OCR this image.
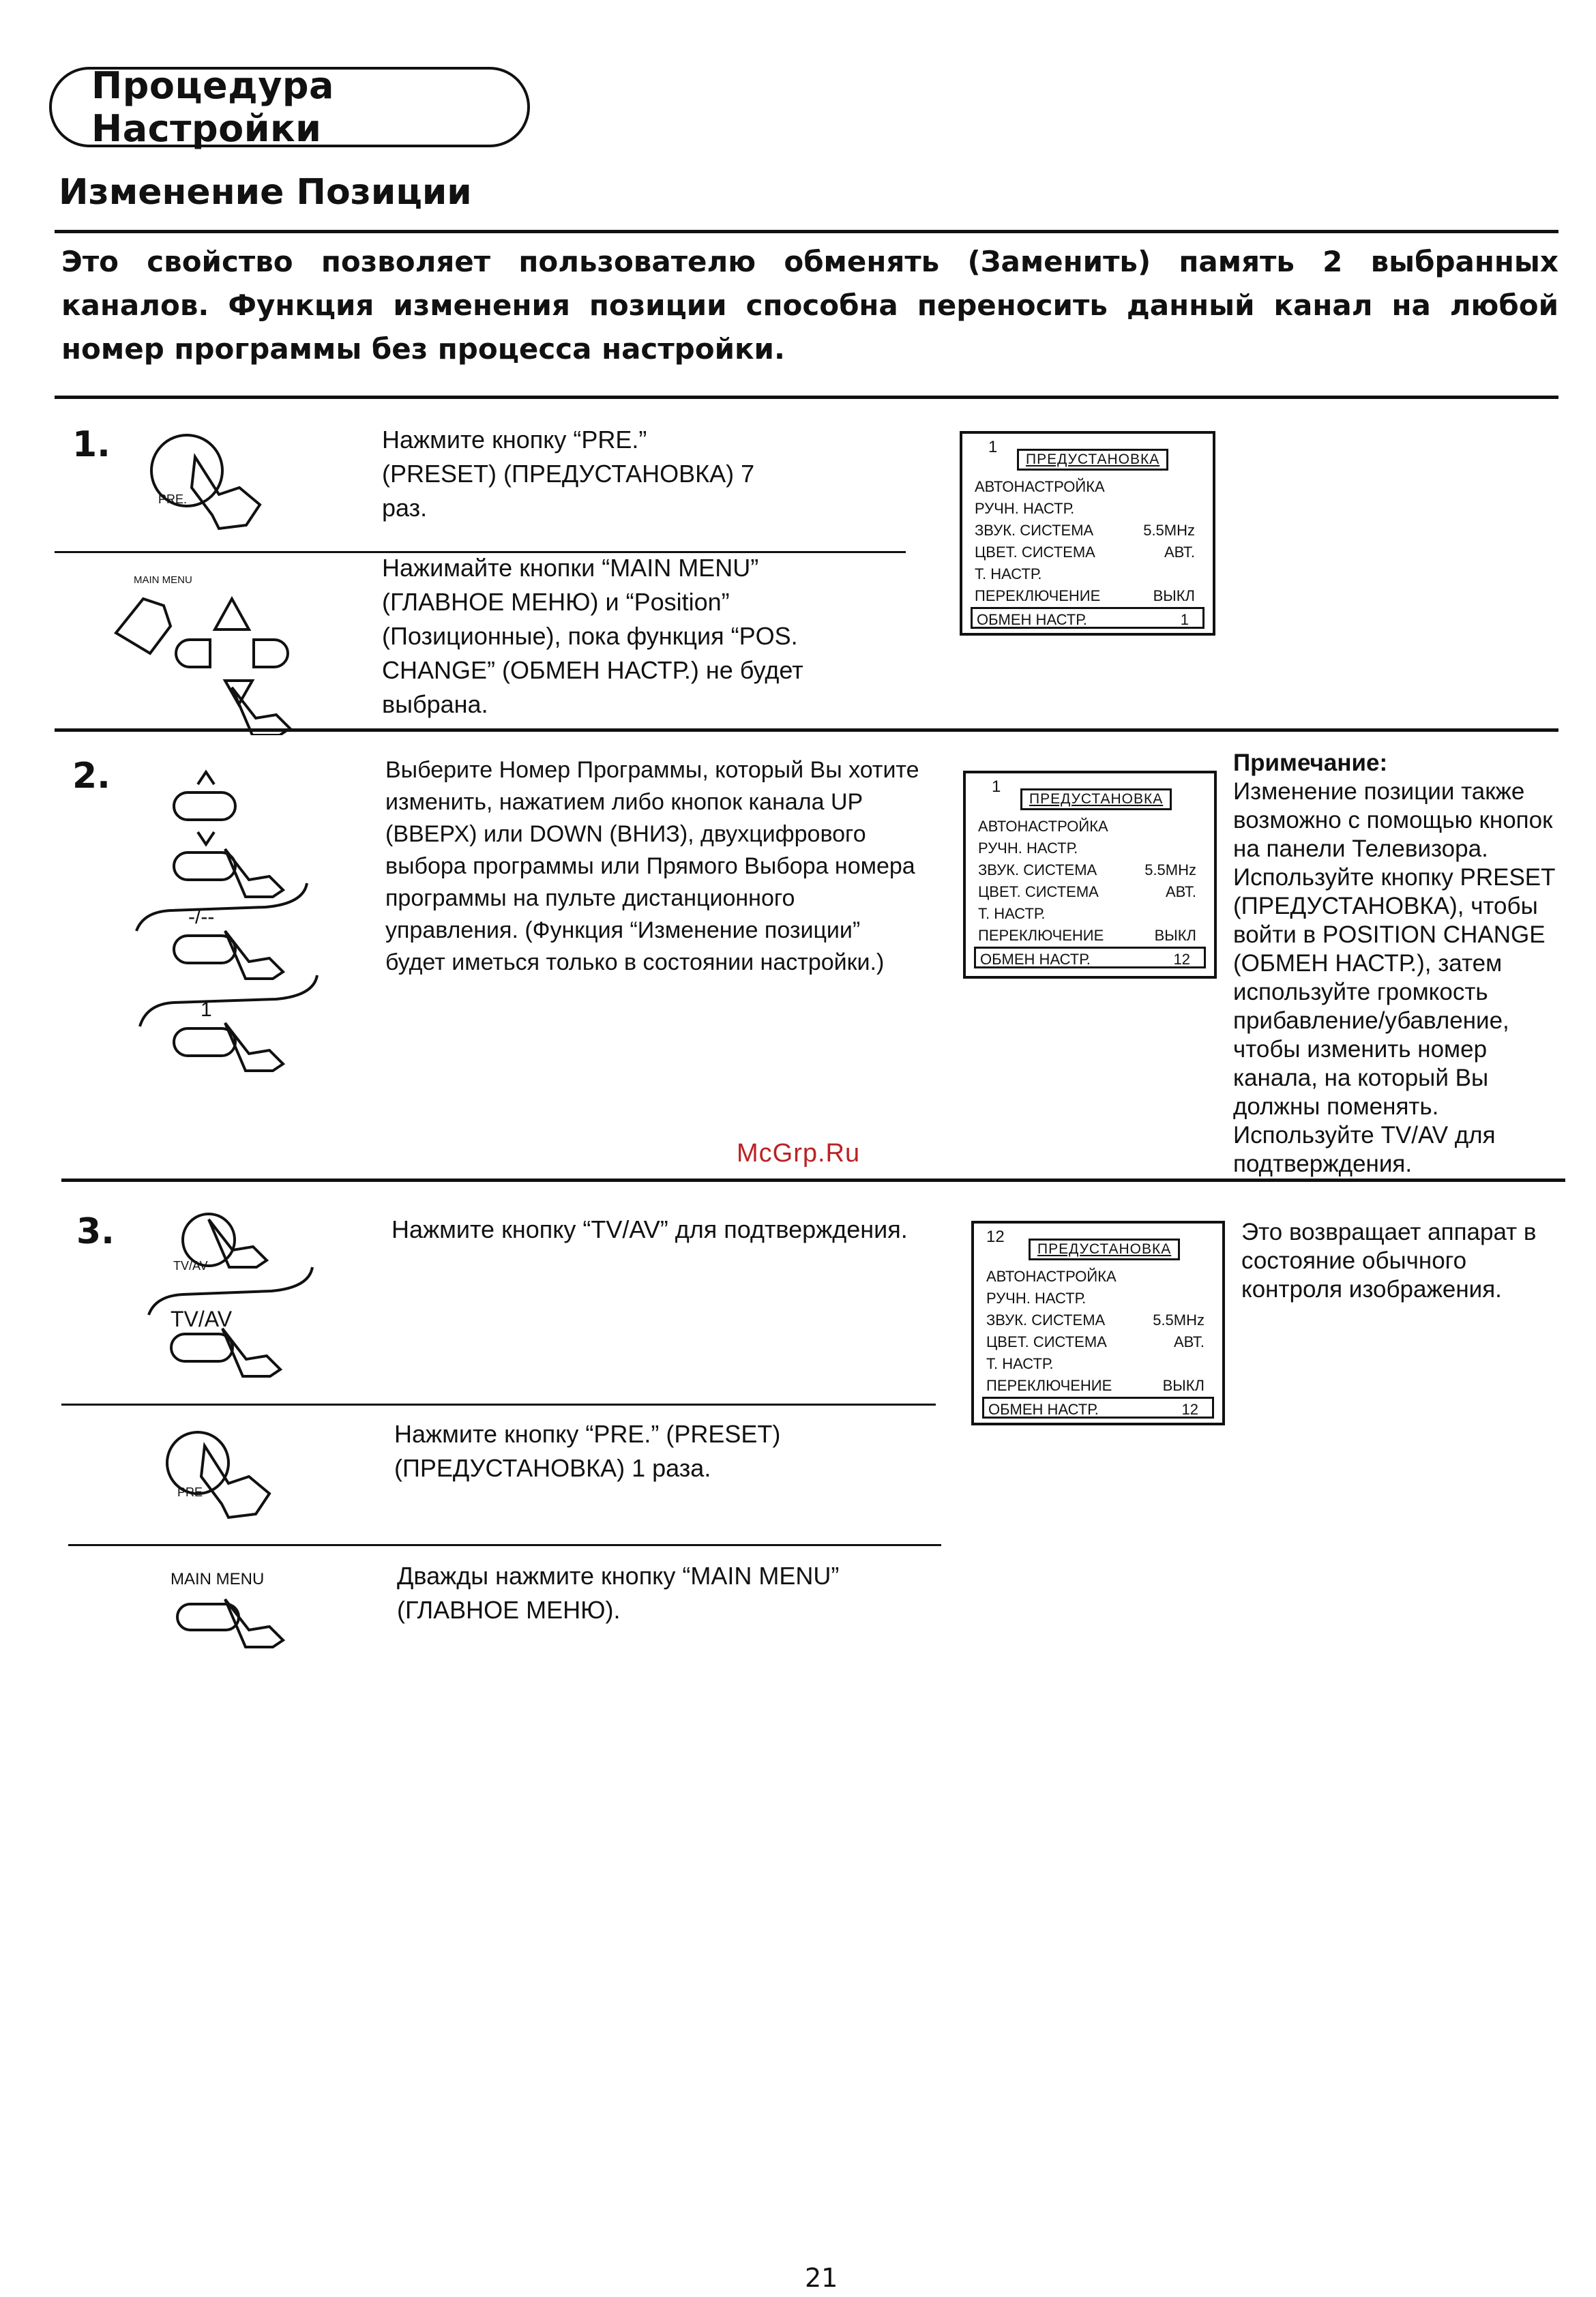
Процедура Настройки
Изменение Позиции
Это свойство позволяет пользователю обменять (Заменить) память 2 выбранных каналов. Функция изменения позиции способна переносить данный канал на любой номер программы без процесса настройки.
1.
PRE.
Нажмите кнопку “PRE.” (PRESET) (ПРЕДУСТАНОВКА) 7 раз.
MAIN MENU	Нажимайте кнопки “MAIN MENU” (ГЛАВНОЕ МЕНЮ) и “Position” (Позиционные), пока функция “POS. CHANGE” (ОБМЕН НАСТР.) не будет выбрана.
1
ПРЕДУСТАНОВКА
АВТОНАСТРОЙКА
РУЧН. НАСТР.
ЗВУК. СИСТЕМА	5.5MHz
ЦВЕТ. СИСТЕМА	АВТ.
Т. НАСТР.
ПЕРЕКЛЮЧЕНИЕ	ВЫКЛ
ОБМЕН НАСТР.	1
2.
-/--
1
Выберите Номер Программы, который Вы хотите изменить, нажатием либо кнопок канала UP (ВВЕРХ) или DOWN (ВНИЗ), двухцифрового выбора программы или Прямого Выбора номера программы на пульте дистанционного управления. (Функция “Изменение позиции” будет иметься только в состоянии настройки.)
1
ПРЕДУСТАНОВКА
АВТОНАСТРОЙКА
РУЧН. НАСТР.
ЗВУК. СИСТЕМА	5.5MHz
ЦВЕТ. СИСТЕМА	АВТ.
Т. НАСТР.
ПЕРЕКЛЮЧЕНИЕ	ВЫКЛ
ОБМЕН НАСТР.	12
Примечание:
Изменение позиции также возможно с помощью кнопок на панели Телевизора. Используйте кнопку PRESET (ПРЕДУСТАНОВКА), чтобы войти в POSITION CHANGE (ОБМЕН НАСТР.), затем используйте громкость прибавление/убавление, чтобы изменить номер канала, на который Вы должны поменять. Используйте TV/AV для подтверждения.
McGrp.Ru
3.
TV/AV
TV/AV
Нажмите кнопку “TV/AV” для подтверждения.	12
ПРЕДУСТАНОВКА
АВТОНАСТРОЙКА
РУЧН. НАСТР.
ЗВУК. СИСТЕМА	5.5MHz
ЦВЕТ. СИСТЕМА	АВТ.
Т. НАСТР.
ПЕРЕКЛЮЧЕНИЕ	ВЫКЛ
ОБМЕН НАСТР.	12
Это возвращает аппарат в состояние обычного контроля изображения.
PRE
Нажмите кнопку “PRE.” (PRESET) (ПРЕДУСТАНОВКА) 1 раза.
MAIN MENU	Дважды нажмите кнопку “MAIN MENU” (ГЛАВНОЕ МЕНЮ).
21
